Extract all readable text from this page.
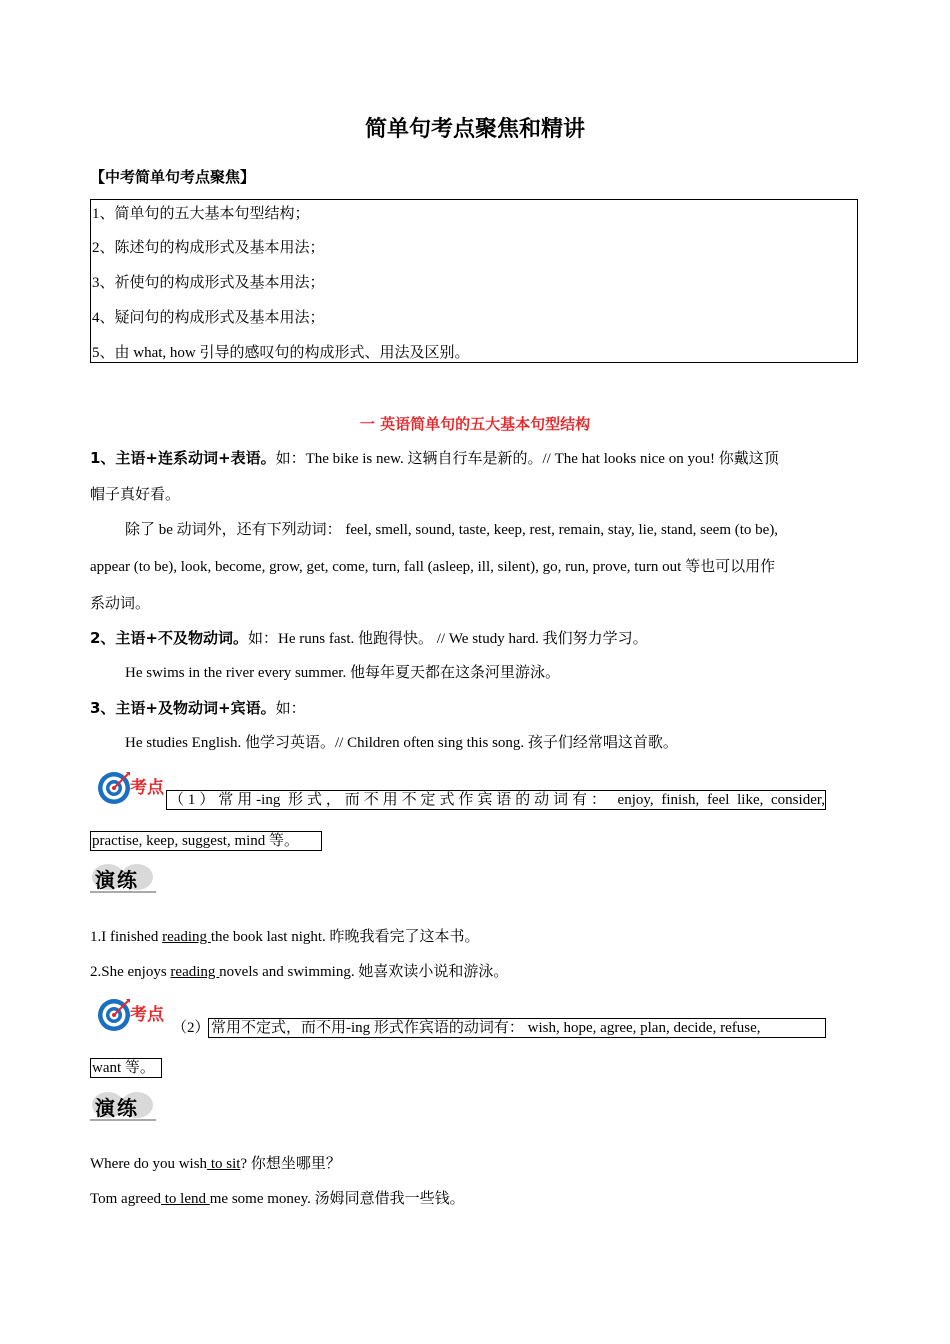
简单句考点聚焦和精讲
【中考简单句考点聚焦】
1、简单句的五大基本句型结构；
2、陈述句的构成形式及基本用法；
3、祈使句的构成形式及基本用法；
4、疑问句的构成形式及基本用法；
5、由 what, how 引导的感叹句的构成形式、用法及区别。
一 英语简单句的五大基本句型结构
1、主语+连系动词+表语。如：The bike is new. 这辆自行车是新的。// The hat looks nice on you! 你戴这顶
帽子真好看。
除了 be 动词外，还有下列动词： feel, smell, sound, taste, keep, rest, remain, stay, lie, stand, seem (to be),
appear (to be), look, become, grow, get, come, turn, fall (asleep, ill, silent), go, run, prove, turn out 等也可以用作
系动词。
2、主语+不及物动词。如：He runs fast. 他跑得快。 // We study hard. 我们努力学习。
He swims in the river every summer. 他每年夏天都在这条河里游泳。
3、主语+及物动词+宾语。如：
He studies English. 他学习英语。// Children often sing this song. 孩子们经常唱这首歌。
考点
（1）常用-ing 形式，而不用不定式作宾语的动词有： enjoy, finish, feel like, consider,
practise, keep, suggest, mind 等。
演练
1.I finished reading the book last night. 昨晚我看完了这本书。
2.She enjoys reading novels and swimming. 她喜欢读小说和游泳。
考点
（2） 常用不定式，而不用-ing 形式作宾语的动词有： wish, hope, agree, plan, decide, refuse,
want 等。
演练
Where do you wish to sit? 你想坐哪里？
Tom agreed to lend me some money. 汤姆同意借我一些钱。
